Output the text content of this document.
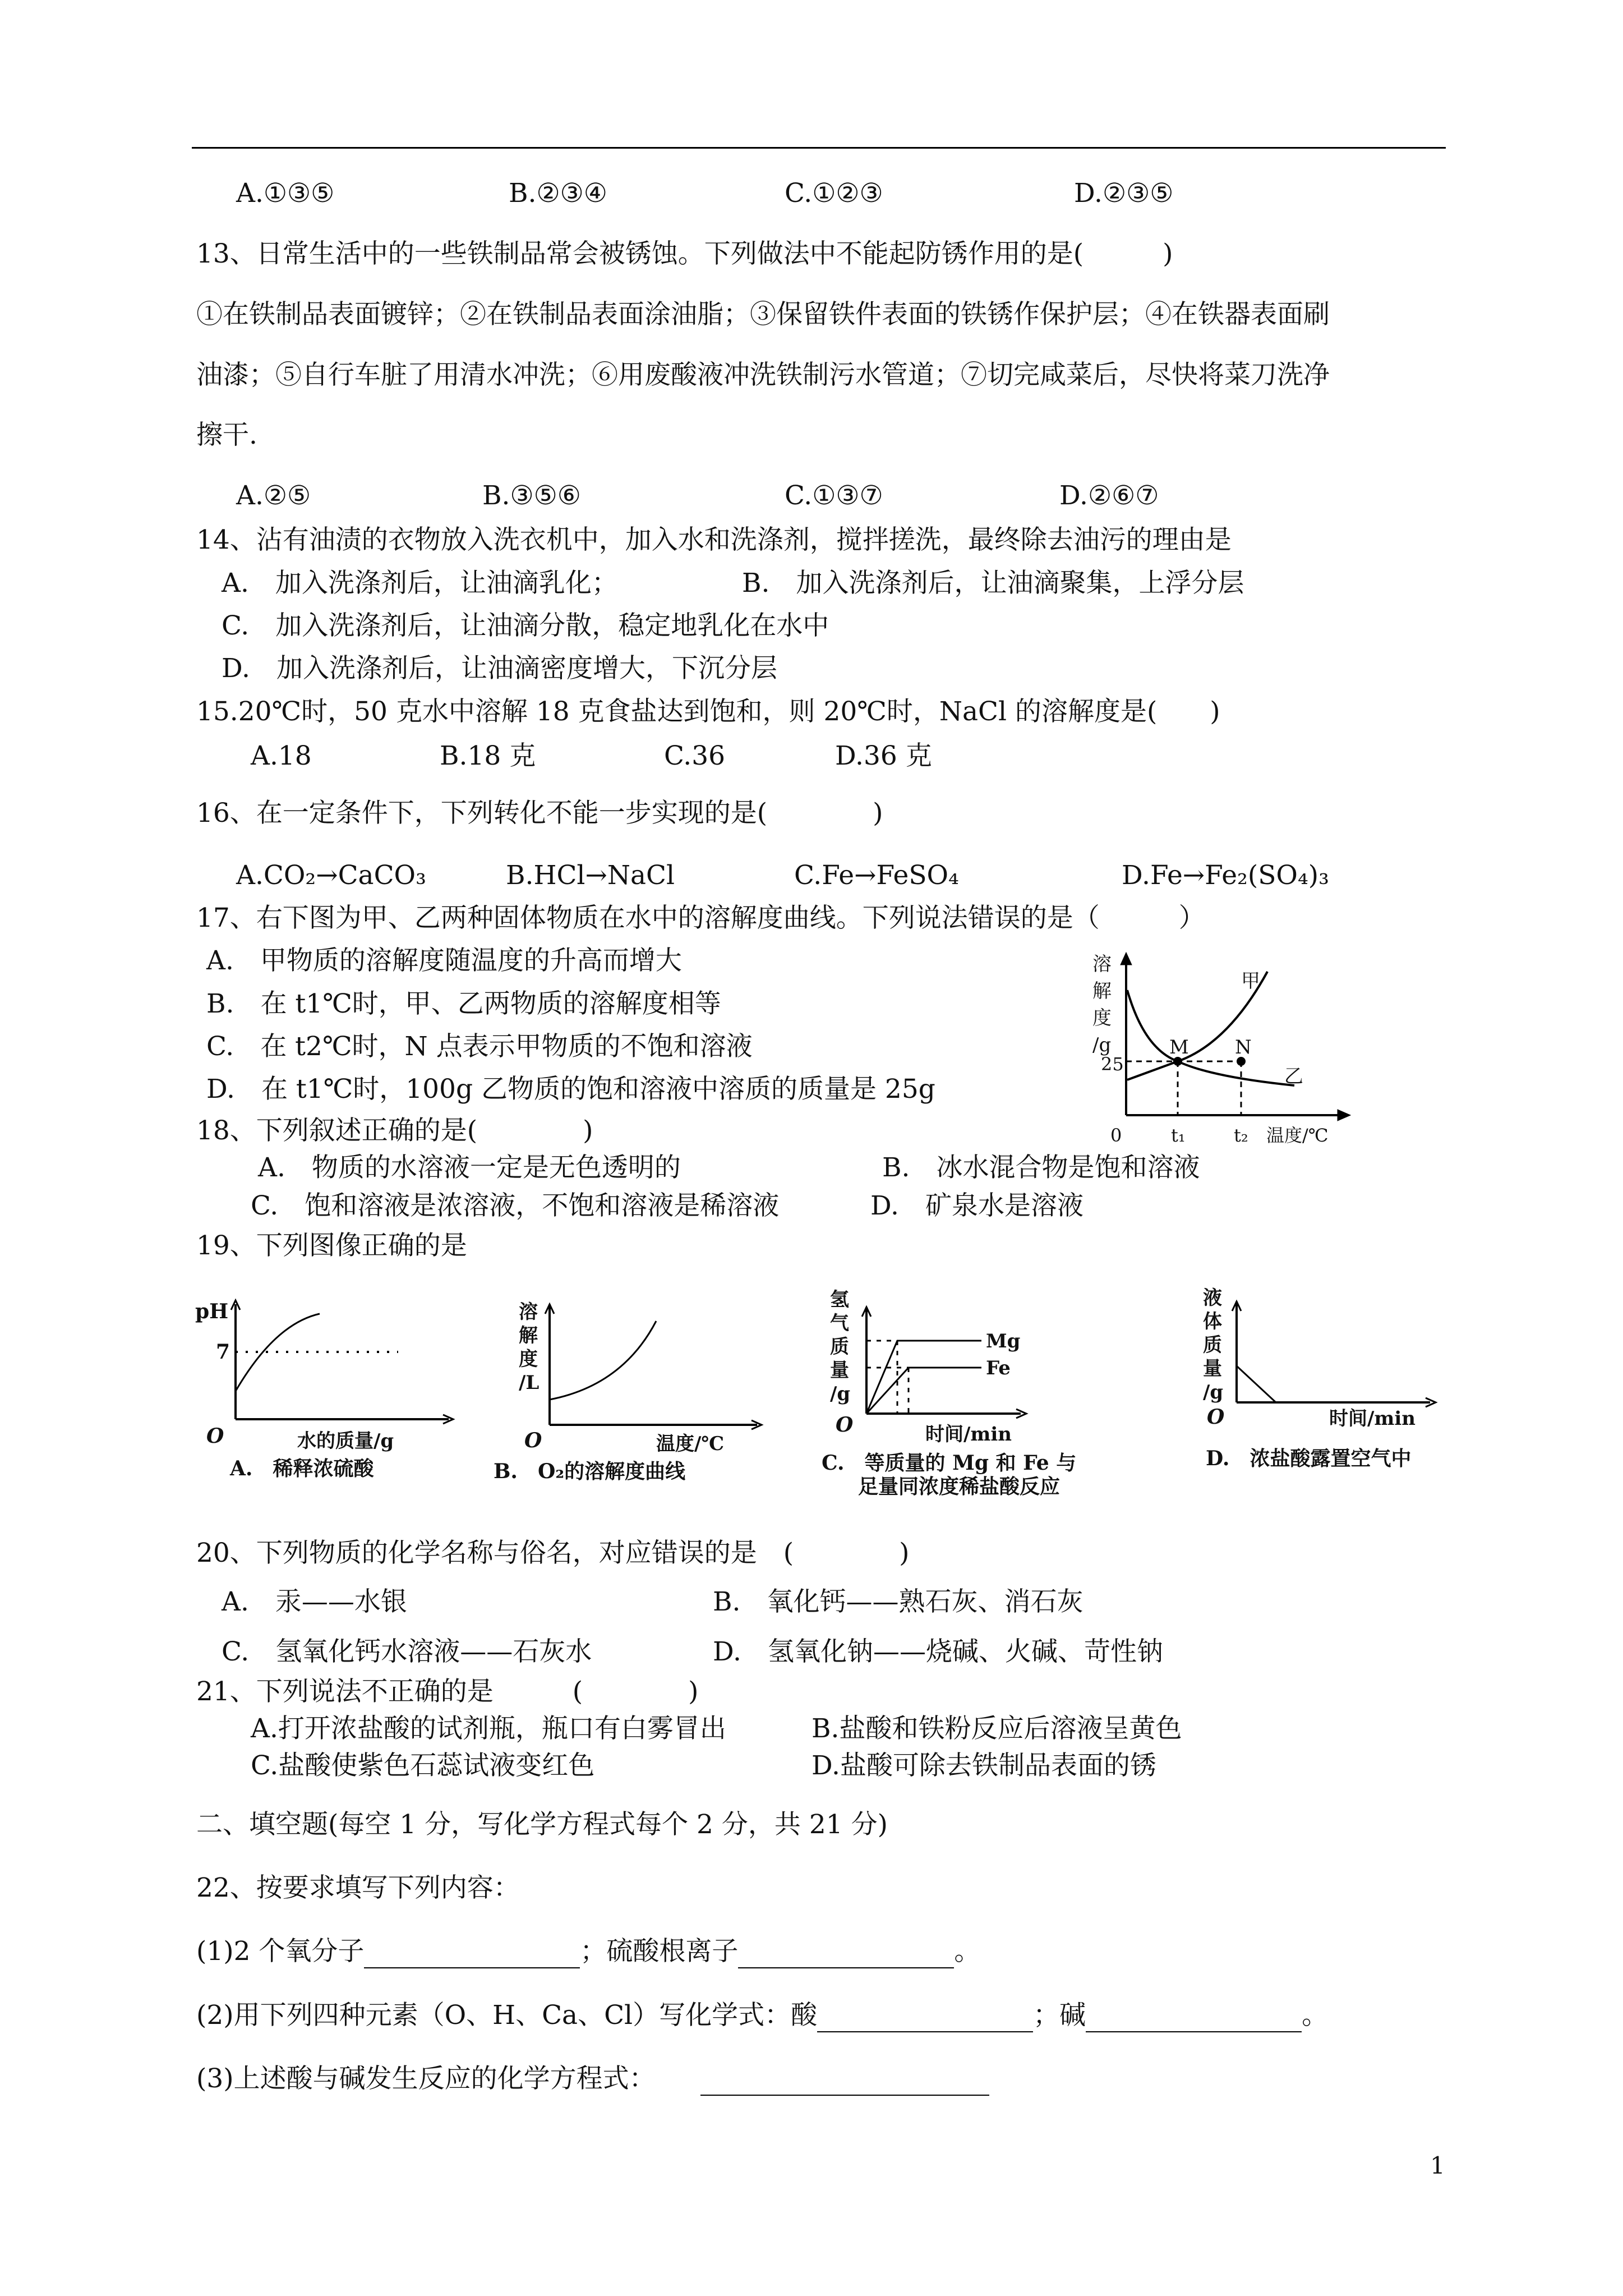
A.①③⑤	B.②③④	C.①②③	D.②③⑤
13、日常生活中的一些铁制品常会被锈蚀。下列做法中不能起防锈作用的是(　　　)
①在铁制品表面镀锌；②在铁制品表面涂油脂；③保留铁件表面的铁锈作保护层；④在铁器表面刷
油漆；⑤自行车脏了用清水冲洗；⑥用废酸液冲洗铁制污水管道；⑦切完咸菜后，尽快将菜刀洗净
擦干.
A.②⑤	B.③⑤⑥	C.①③⑦	D.②⑥⑦
14、沾有油渍的衣物放入洗衣机中，加入水和洗涤剂，搅拌搓洗，最终除去油污的理由是
A.　加入洗涤剂后，让油滴乳化；	B.　加入洗涤剂后，让油滴聚集，上浮分层
C.　加入洗涤剂后，让油滴分散，稳定地乳化在水中
D.　加入洗涤剂后，让油滴密度增大，下沉分层
15.20℃时，50 克水中溶解 18 克食盐达到饱和，则 20℃时，NaCl 的溶解度是(　　)
A.18	B.18 克	C.36	D.36 克
16、在一定条件下，下列转化不能一步实现的是(　　　　)
A.CO₂→CaCO₃	B.HCl→NaCl	C.Fe→FeSO₄	D.Fe→Fe₂(SO₄)₃
17、右下图为甲、乙两种固体物质在水中的溶解度曲线。下列说法错误的是（　　　）
A.　甲物质的溶解度随温度的升高而增大
B.　在 t1℃时，甲、乙两物质的溶解度相等
C.　在 t2℃时，N 点表示甲物质的不饱和溶液
D.　在 t1℃时，100g 乙物质的饱和溶液中溶质的质量是 25g
溶
解
度
/g
25
0	t₁	t₂ 温度/℃
甲
乙
M N
18、下列叙述正确的是(　　　　)
A.　物质的水溶液一定是无色透明的	B.　冰水混合物是饱和溶液
C.　饱和溶液是浓溶液，不饱和溶液是稀溶液	D.　矿泉水是溶液
19、下列图像正确的是
pH
7
O	水的质量/g
A.　稀释浓硫酸
溶
解
度
/L
O	温度/℃
B.　O₂的溶解度曲线
氢
气
质
量
/g
O
Mg
Fe
时间/min
C.　等质量的 Mg 和 Fe 与
足量同浓度稀盐酸反应
液
体
质
量
/g
O	时间/min
D.　浓盐酸露置空气中
20、下列物质的化学名称与俗名，对应错误的是　(　　　　)
A.　汞——水银	B.　氧化钙——熟石灰、消石灰
C.　氢氧化钙水溶液——石灰水	D.　氢氧化钠——烧碱、火碱、苛性钠
21、下列说法不正确的是　　　(　　　　)
A.打开浓盐酸的试剂瓶，瓶口有白雾冒出	B.盐酸和铁粉反应后溶液呈黄色
C.盐酸使紫色石蕊试液变红色	D.盐酸可除去铁制品表面的锈
二、填空题(每空 1 分，写化学方程式每个 2 分，共 21 分)
22、按要求填写下列内容：
(1)2 个氧分子	；硫酸根离子	。
(2)用下列四种元素（O、H、Ca、Cl）写化学式：酸	；碱	。
(3)上述酸与碱发生反应的化学方程式：
1
